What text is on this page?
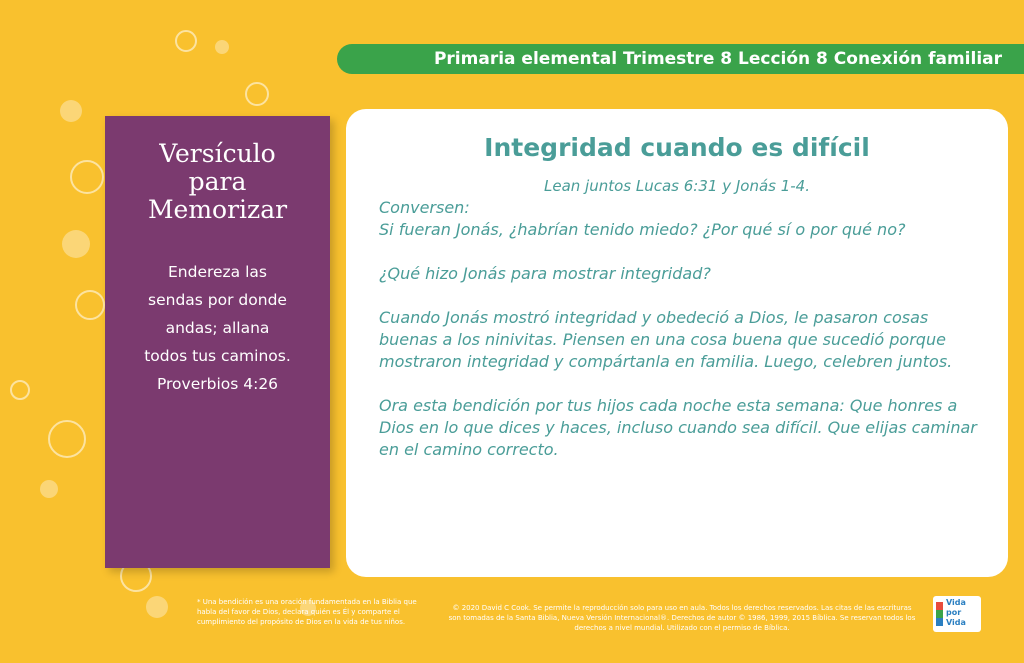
Primaria elemental Trimestre 8 Lección 8 Conexión familiar
Versículo
para
Memorizar
Endereza las
sendas por donde
andas; allana
todos tus caminos.
Proverbios 4:26
Integridad cuando es difícil
Lean juntos Lucas 6:31 y Jonás 1-4.

Conversen:

Si fueran Jonás, ¿habrían tenido miedo? ¿Por qué sí o por qué no?

¿Qué hizo Jonás para mostrar integridad?

Cuando Jonás mostró integridad y obedeció a Dios, le pasaron cosas buenas a los ninivitas. Piensen en una cosa buena que sucedió porque mostraron integridad y compártanla en familia. Luego, celebren juntos.

Ora esta bendición por tus hijos cada noche esta semana: Que honres a Dios en lo que dices y haces, incluso cuando sea difícil. Que elijas caminar en el camino correcto.

* Una bendición es una oración fundamentada en la Biblia que habla del favor de Dios, declara quién es Él y comparte el cumplimiento del propósito de Dios en la vida de tus niños.
© 2020 David C Cook. Se permite la reproducción solo para uso en aula. Todos los derechos reservados. Las citas de las escrituras son tomadas de la Santa Biblia, Nueva Versión Internacional®. Derechos de autor © 1986, 1999, 2015 Bíblica. Se reservan todos los derechos a nivel mundial. Utilizado con el permiso de Bíblica.
Vida
por
Vida
